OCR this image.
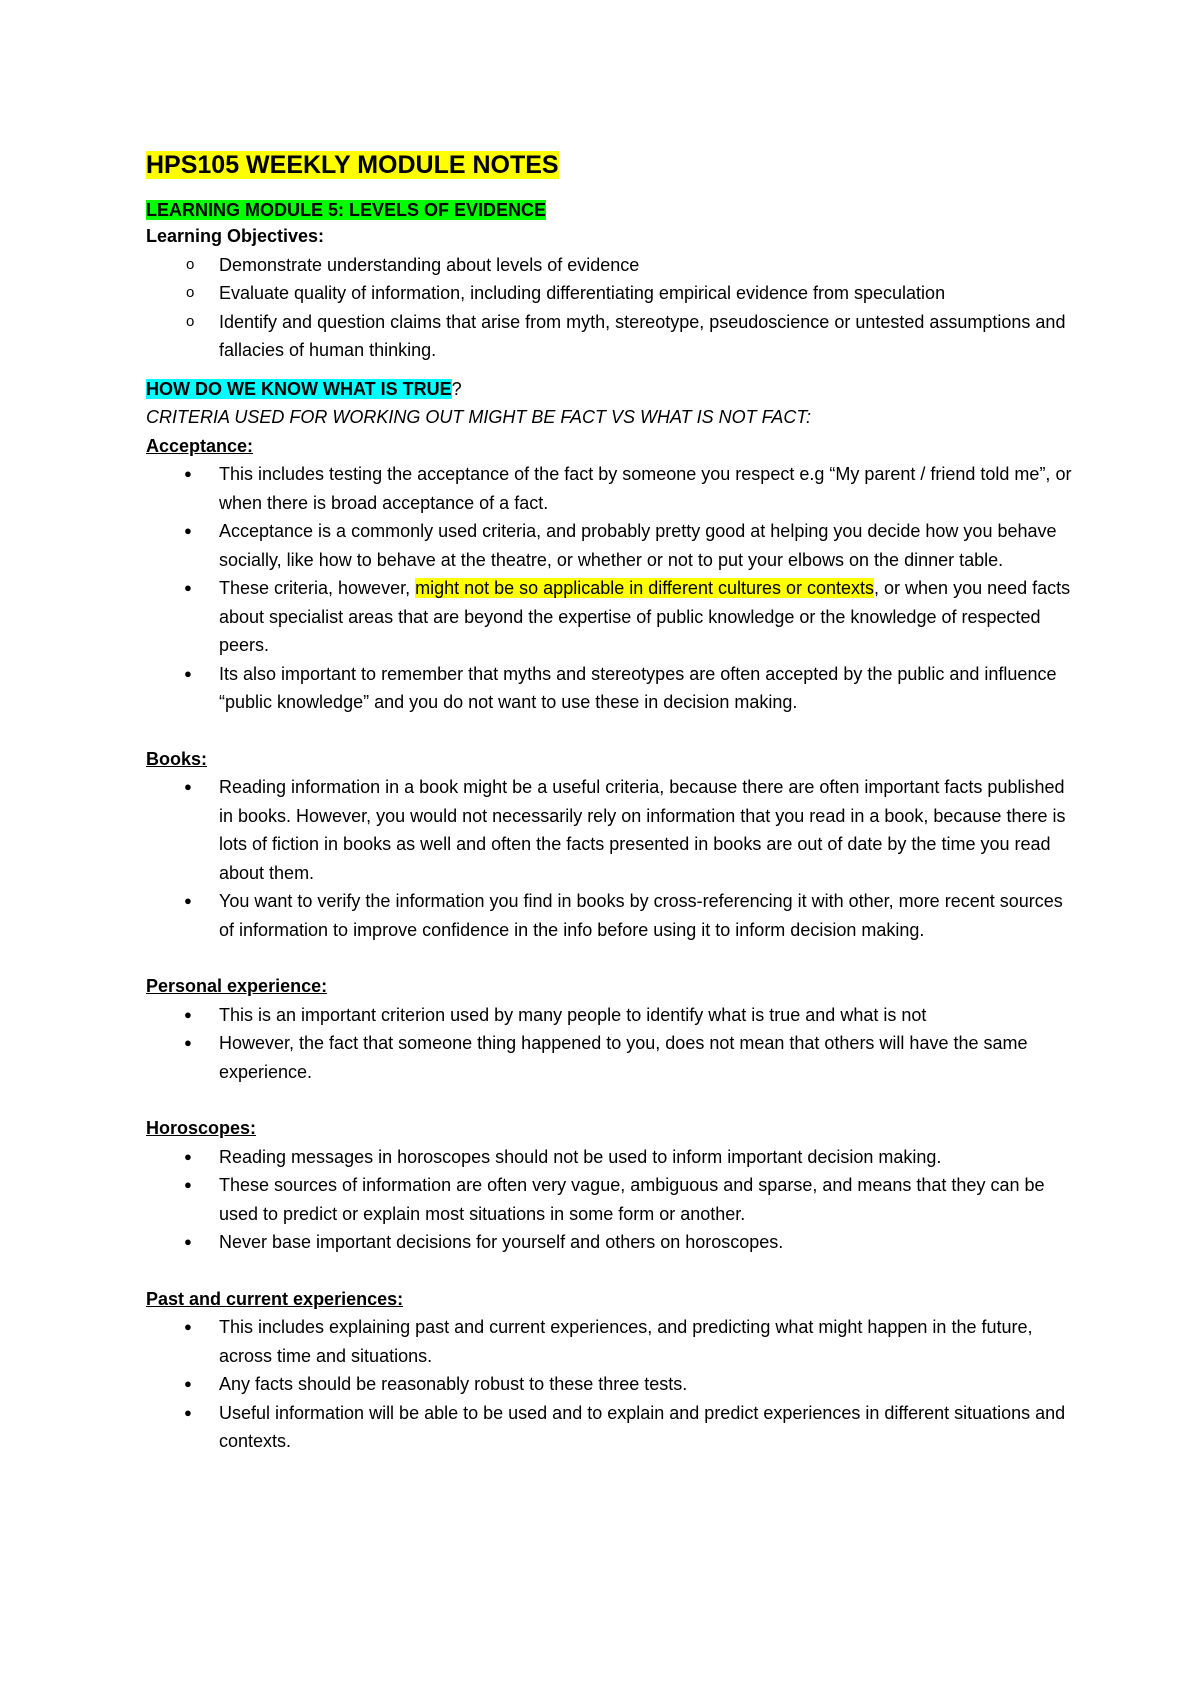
HPS105 WEEKLY MODULE NOTES
LEARNING MODULE 5: LEVELS OF EVIDENCE
Learning Objectives:
o Demonstrate understanding about levels of evidence
o Evaluate quality of information, including differentiating empirical evidence from speculation
o Identify and question claims that arise from myth, stereotype, pseudoscience or untested assumptions and fallacies of human thinking.
HOW DO WE KNOW WHAT IS TRUE?
CRITERIA USED FOR WORKING OUT MIGHT BE FACT VS WHAT IS NOT FACT:
Acceptance:
● This includes testing the acceptance of the fact by someone you respect e.g “My parent / friend told me”, or when there is broad acceptance of a fact.
● Acceptance is a commonly used criteria, and probably pretty good at helping you decide how you behave socially, like how to behave at the theatre, or whether or not to put your elbows on the dinner table.
● These criteria, however, might not be so applicable in different cultures or contexts, or when you need facts about specialist areas that are beyond the expertise of public knowledge or the knowledge of respected peers.
● Its also important to remember that myths and stereotypes are often accepted by the public and influence “public knowledge” and you do not want to use these in decision making.
Books:
● Reading information in a book might be a useful criteria, because there are often important facts published in books. However, you would not necessarily rely on information that you read in a book, because there is lots of fiction in books as well and often the facts presented in books are out of date by the time you read about them.
● You want to verify the information you find in books by cross-referencing it with other, more recent sources of information to improve confidence in the info before using it to inform decision making.
Personal experience:
● This is an important criterion used by many people to identify what is true and what is not
● However, the fact that someone thing happened to you, does not mean that others will have the same experience.
Horoscopes:
● Reading messages in horoscopes should not be used to inform important decision making.
● These sources of information are often very vague, ambiguous and sparse, and means that they can be used to predict or explain most situations in some form or another.
● Never base important decisions for yourself and others on horoscopes.
Past and current experiences:
● This includes explaining past and current experiences, and predicting what might happen in the future, across time and situations.
● Any facts should be reasonably robust to these three tests.
● Useful information will be able to be used and to explain and predict experiences in different situations and contexts.
